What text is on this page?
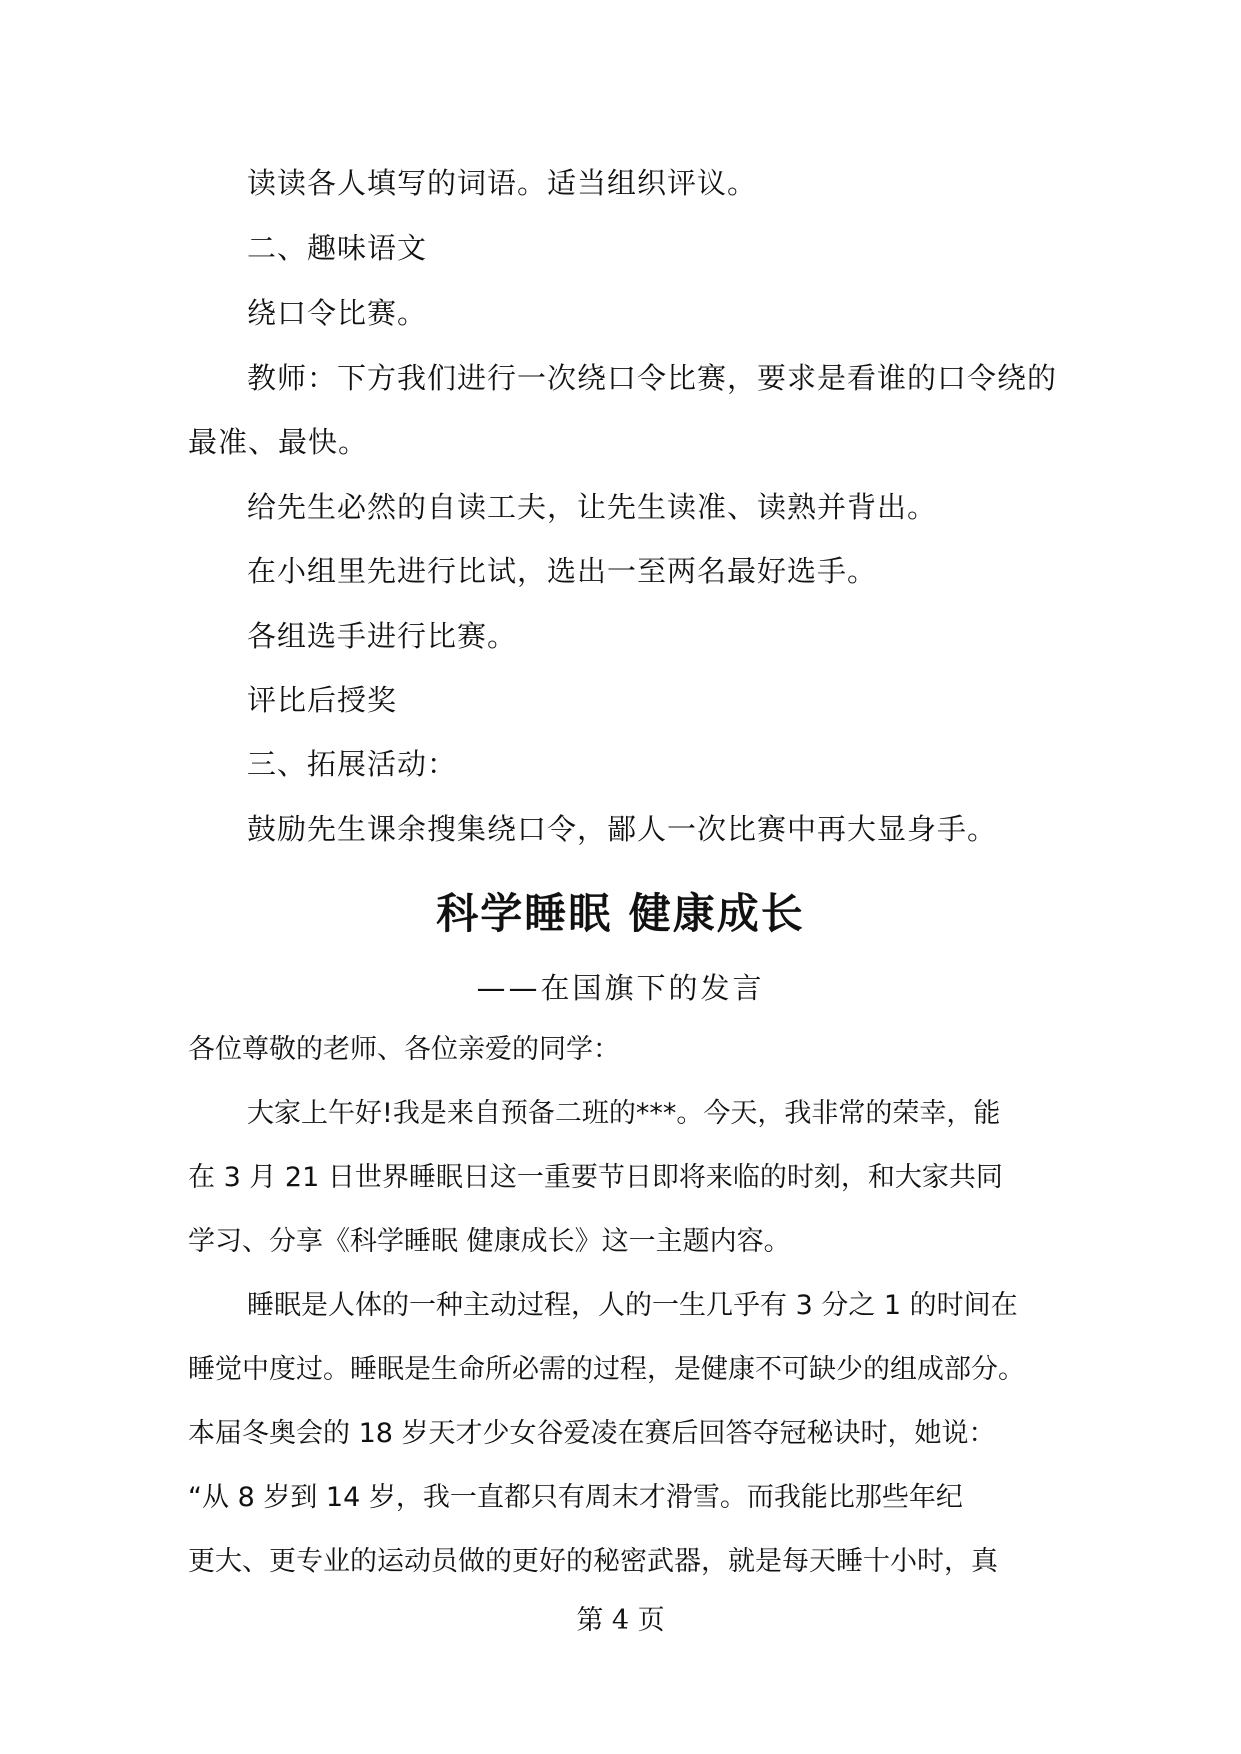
读读各人填写的词语。适当组织评议。
二、趣味语文
绕口令比赛。
教师：下方我们进行一次绕口令比赛，要求是看谁的口令绕的
最准、最快。
给先生必然的自读工夫，让先生读准、读熟并背出。
在小组里先进行比试，选出一至两名最好选手。
各组选手进行比赛。
评比后授奖
三、拓展活动：
鼓励先生课余搜集绕口令，鄙人一次比赛中再大显身手。
科学睡眠 健康成长
——在国旗下的发言
各位尊敬的老师、各位亲爱的同学：
大家上午好!我是来自预备二班的***。今天，我非常的荣幸，能
在 3 月 21 日世界睡眠日这一重要节日即将来临的时刻，和大家共同
学习、分享《科学睡眠 健康成长》这一主题内容。
睡眠是人体的一种主动过程，人的一生几乎有 3 分之 1 的时间在
睡觉中度过。睡眠是生命所必需的过程，是健康不可缺少的组成部分。
本届冬奥会的 18 岁天才少女谷爱凌在赛后回答夺冠秘诀时，她说：
“从 8 岁到 14 岁，我一直都只有周末才滑雪。而我能比那些年纪
更大、更专业的运动员做的更好的秘密武器，就是每天睡十小时，真
第 4 页
